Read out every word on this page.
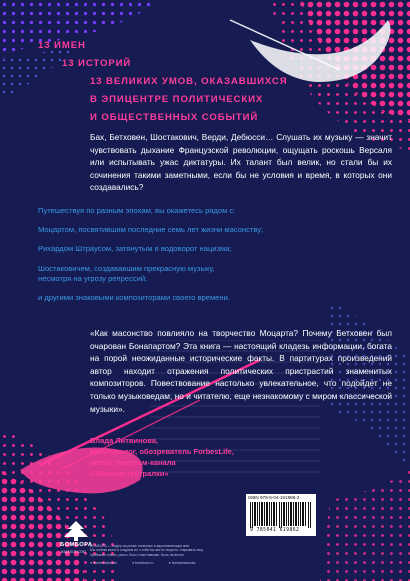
13 ИМЕН
13 ИСТОРИЙ
13 ВЕЛИКИХ УМОВ, ОКАЗАВШИХСЯ
В ЭПИЦЕНТРЕ ПОЛИТИЧЕСКИХ
И ОБЩЕСТВЕННЫХ СОБЫТИЙ

Бах, Бетховен, Шостакович, Верди, Дебюсси… Слушать их музыку — значит чувствовать дыхание Французской революции, ощущать роскошь Версаля или испытывать ужас диктатуры. Их талант был велик, но стали бы их сочинения такими заметными, если бы не условия и время, в которых они создавались?

Путешествуя по разным эпохам, вы окажетесь рядом с:
Моцартом, посвятившим последние семь лет жизни масонству;
Рихардом Штраусом, затянутым в водоворот нацизма;
Шостаковичем, создававшим прекрасную музыку,
несмотря на угрозу репрессий;
и другими знаковыми композиторами своего времени.

«Как масонство повлияло на творчество Моцарта? Почему Бетховен был очарован Бонапартом? Эта книга — настоящий кладезь информации, богата на порой неожиданные исторические факты. В партитурах произведений автор находит отражения политических пристрастий знаменитых композиторов. Повествование настолько увлекательное, что подойдет не только музыковедам, но и читателю, еще незнакомому с миром классической музыки».

Влада Литвинова,
культуролог, обозреватель ForbesLife,
автор телеграм-канала
«Записки театралки»
ISBN 978-5-04-161986-2
9 785041 619862
БОМБОРА
ИЗДАТЕЛЬСТВО
БОМБОРА — лидер на рынке полезных и вдохновляющих книг.
Мы любим книги и создаем их, чтобы вы могли творить, открывать мир,
пробовать новое, расти. Быть счастливыми. Быть на волне.
● bomborabooks	● bombora.ru	● bomborabooks
